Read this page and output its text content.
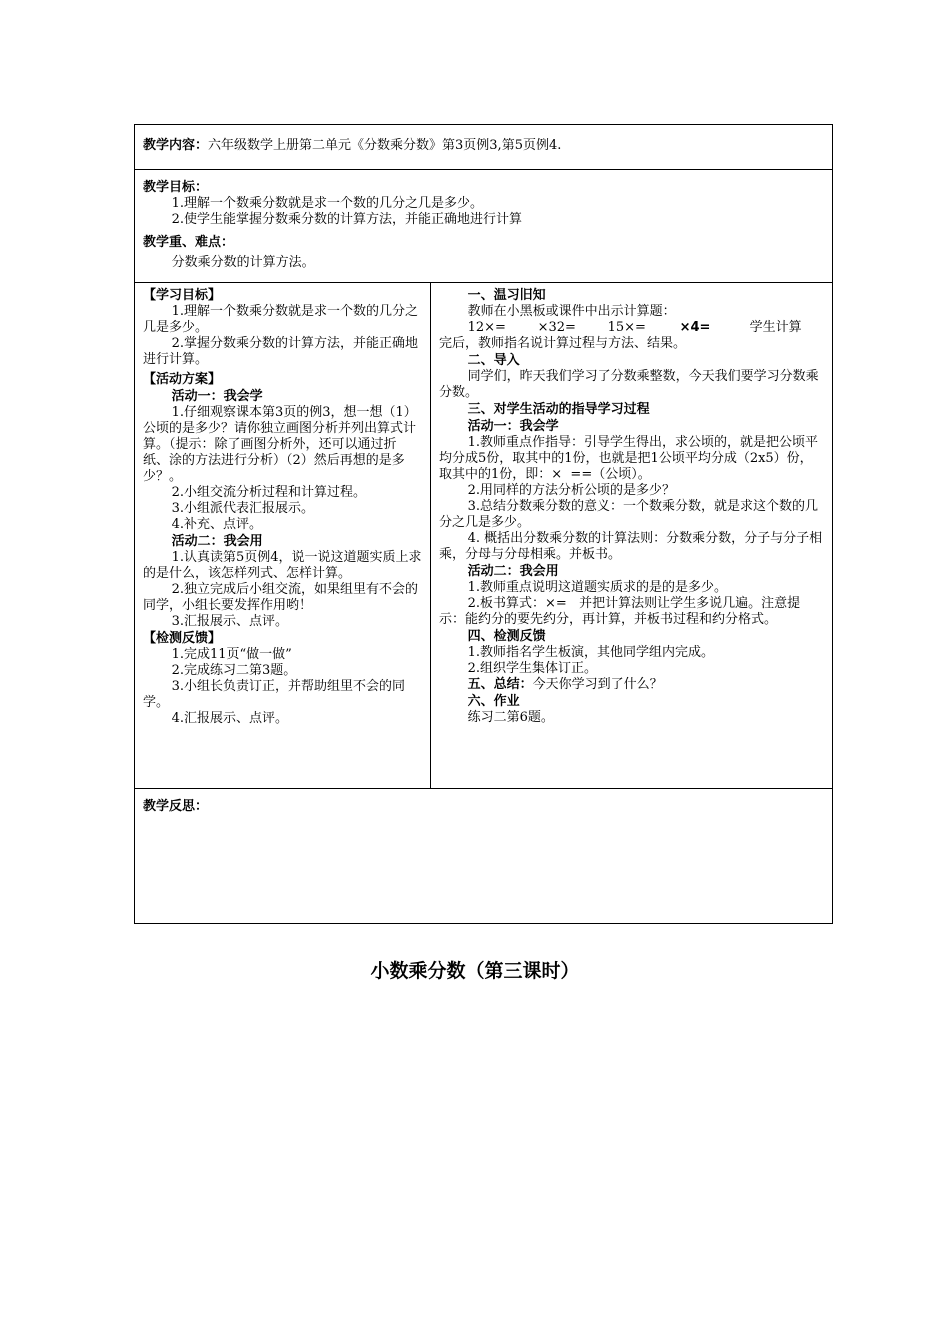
教学内容：六年级数学上册第二单元《分数乘分数》第3页例3,第5页例4.

教学目标：

1.理解一个数乘分数就是求一个数的几分之几是多少。

2.使学生能掌握分数乘分数的计算方法，并能正确地进行计算

教学重、难点：

分数乘分数的计算方法。

【学习目标】

1.理解一个数乘分数就是求一个数的几分之几是多少。

2.掌握分数乘分数的计算方法，并能正确地进行计算。

【活动方案】

活动一：我会学

1.仔细观察课本第3页的例3，想一想（1）公顷的是多少？请你独立画图分析并列出算式计算。（提示：除了画图分析外，还可以通过折纸、涂的方法进行分析）（2）然后再想的是多少？。

2.小组交流分析过程和计算过程。

3.小组派代表汇报展示。

4.补充、点评。

活动二：我会用

1.认真读第5页例4，说一说这道题实质上求的是什么，该怎样列式、怎样计算。

2.独立完成后小组交流，如果组里有不会的同学，小组长要发挥作用哟！

3.汇报展示、点评。

【检测反馈】

1.完成11页“做一做”

2.完成练习二第3题。

3.小组长负责订正，并帮助组里不会的同学。

4.汇报展示、点评。

一、温习旧知

教师在小黑板或课件中出示计算题：

12×=	×32=	15×=	×4=	学生计算

完后，教师指名说计算过程与方法、结果。

二、导入

同学们，昨天我们学习了分数乘整数，今天我们要学习分数乘分数。

三、对学生活动的指导学习过程

活动一：我会学

1.教师重点作指导：引导学生得出，求公顷的，就是把公顷平均分成5份，取其中的1份，也就是把1公顷平均分成（2x5）份，取其中的1份，即：×  ==（公顷）。

2.用同样的方法分析公顷的是多少？

3.总结分数乘分数的意义：一个数乘分数，就是求这个数的几分之几是多少。

4. 概括出分数乘分数的计算法则：分数乘分数，分子与分子相乘，分母与分母相乘。并板书。

活动二：我会用

1.教师重点说明这道题实质求的是的是多少。

2.板书算式：×=   并把计算法则让学生多说几遍。注意提示：能约分的要先约分，再计算，并板书过程和约分格式。

四、检测反馈

1.教师指名学生板演，其他同学组内完成。

2.组织学生集体订正。

五、总结：今天你学习到了什么？

六、作业

练习二第6题。

教学反思：

小数乘分数（第三课时）
